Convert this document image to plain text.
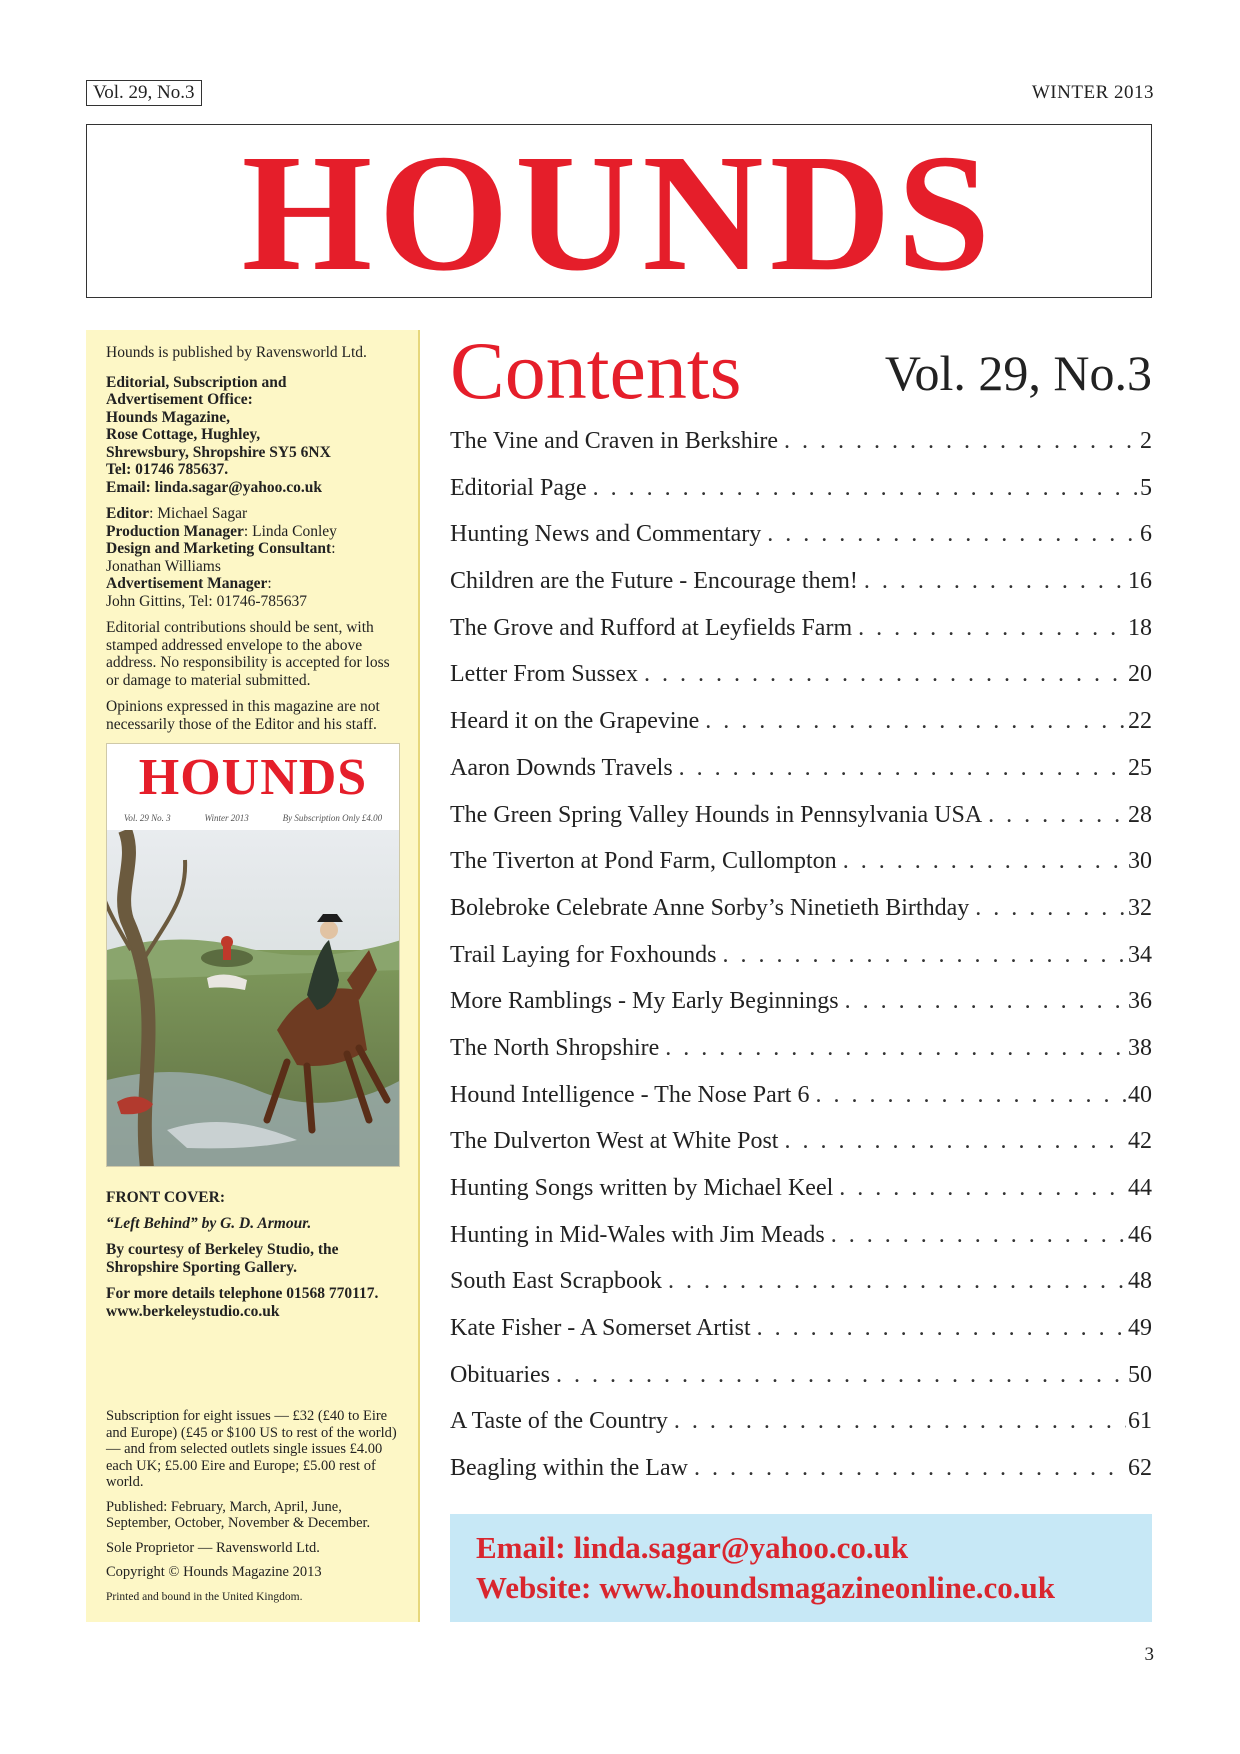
Vol. 29, No.3	WINTER 2013
HOUNDS

Hounds is published by Ravensworld Ltd.

Editorial, Subscription and
Advertisement Office:
Hounds Magazine,
Rose Cottage, Hughley,
Shrewsbury, Shropshire SY5 6NX
Tel: 01746 785637.
Email: linda.sagar@yahoo.co.uk

Editor: Michael Sagar
Production Manager: Linda Conley
Design and Marketing Consultant:
Jonathan Williams
Advertisement Manager:
John Gittins, Tel: 01746-785637

Editorial contributions should be sent, with stamped addressed envelope to the above address. No responsibility is accepted for loss or damage to material submitted.

Opinions expressed in this magazine are not necessarily those of the Editor and his staff.

HOUNDS
Vol. 29 No. 3	Winter 2013	By Subscription Only £4.00

FRONT COVER:

“Left Behind” by G. D. Armour.

By courtesy of Berkeley Studio, the Shropshire Sporting Gallery.

For more details telephone 01568 770117.
www.berkeleystudio.co.uk

Subscription for eight issues — £32 (£40 to Eire and Europe) (£45 or $100 US to rest of the world) — and from selected outlets single issues £4.00 each UK; £5.00 Eire and Europe; £5.00 rest of world.

Published: February, March, April, June, September, October, November & December.

Sole Proprietor — Ravensworld Ltd.

Copyright © Hounds Magazine 2013

Printed and bound in the United Kingdom.

Contents	Vol. 29, No.3
The Vine and Craven in Berkshire . . .	2
Editorial Page . . .	5
Hunting News and Commentary . . .	6
Children are the Future - Encourage them! . . .	16
The Grove and Rufford at Leyfields Farm . . .	18
Letter From Sussex . . .	20
Heard it on the Grapevine . . .	22
Aaron Downds Travels . . .	25
The Green Spring Valley Hounds in Pennsylvania USA . . .	28
The Tiverton at Pond Farm, Cullompton . . .	30
Bolebroke Celebrate Anne Sorby’s Ninetieth Birthday . . .	32
Trail Laying for Foxhounds . . .	34
More Ramblings - My Early Beginnings . . .	36
The North Shropshire . . .	38
Hound Intelligence - The Nose Part 6 . . .	40
The Dulverton West at White Post . . .	42
Hunting Songs written by Michael Keel . . .	44
Hunting in Mid-Wales with Jim Meads . . .	46
South East Scrapbook . . .	48
Kate Fisher - A Somerset Artist . . .	49
Obituaries . . .	50
A Taste of the Country . . .	61
Beagling within the Law . . .	62
Email: linda.sagar@yahoo.co.uk
Website: www.houndsmagazineonline.co.uk
3
